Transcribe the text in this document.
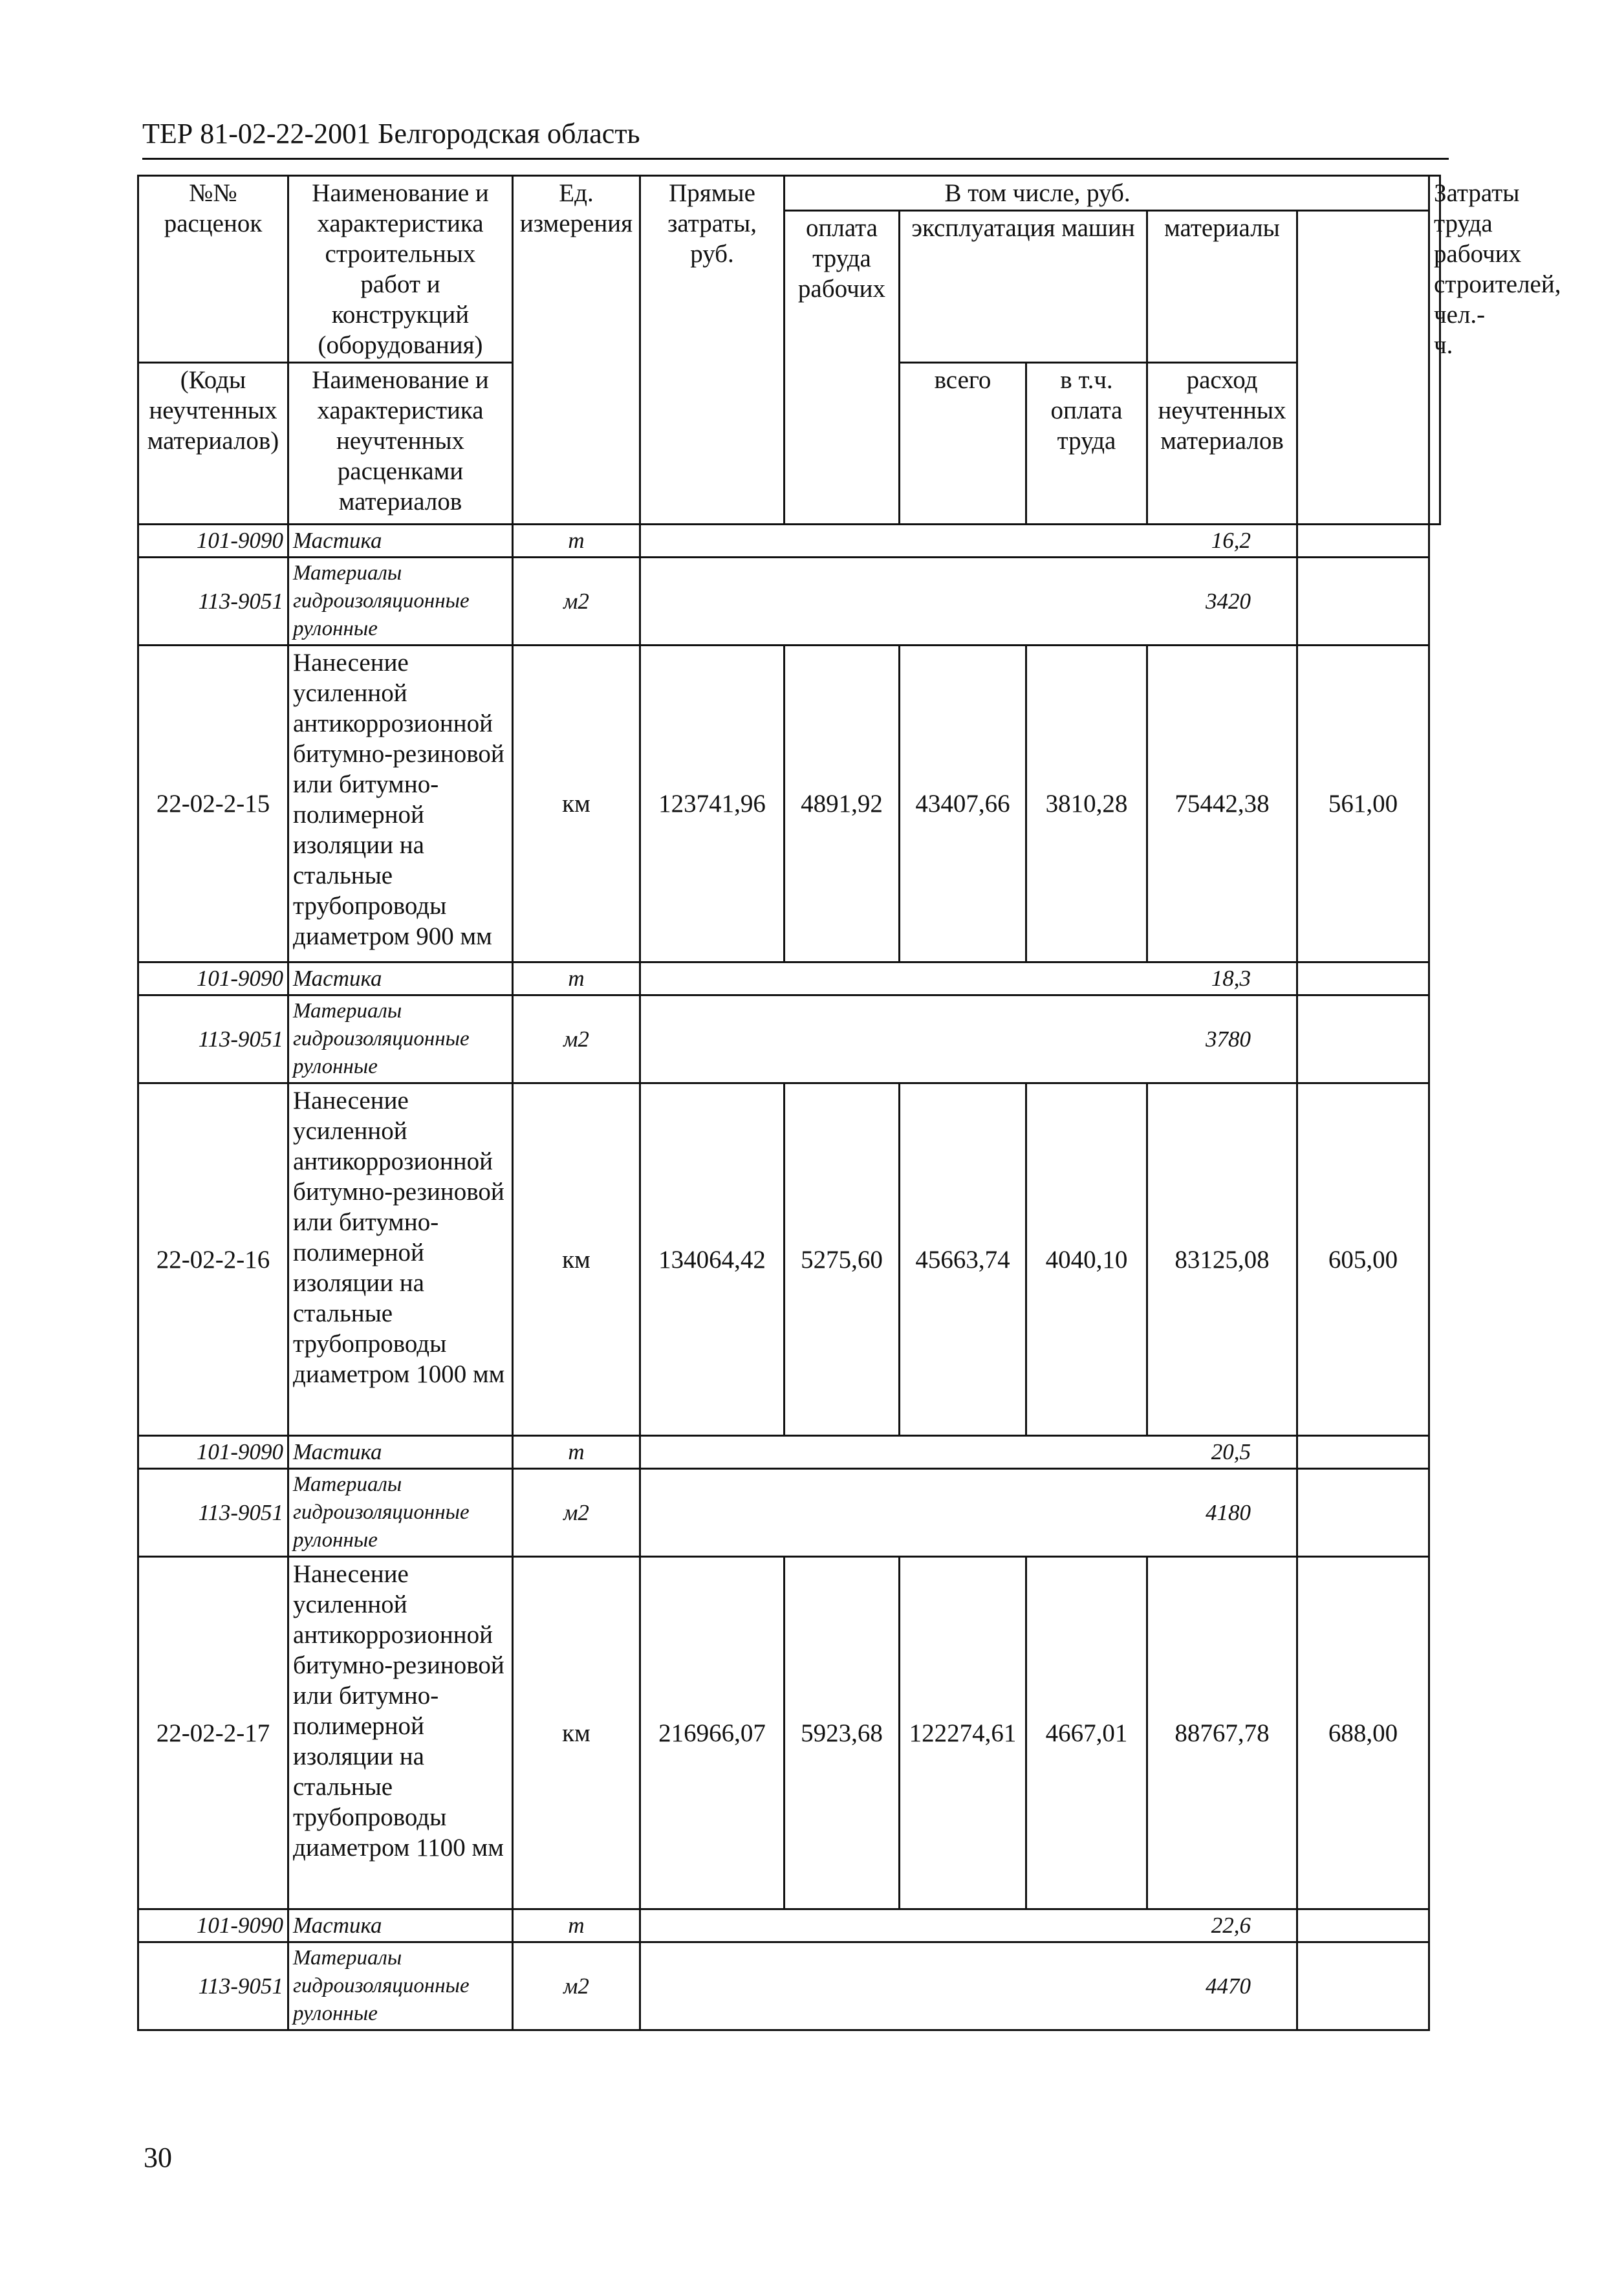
ТЕР 81-02-22-2001 Белгородская область
№№ расценок	Наименование и характеристика строительных работ и конструкций (оборудования)	Ед. измерения	Прямые затраты, руб.	В том числе, руб.					Затраты труда рабочих строителей, чел.-ч.
				оплата труда рабочих	эксплуатация машин		материалы		
(Коды неучтенных материалов)	Наименование и характеристика неучтенных расценками материалов				всего	в т.ч. оплата труда	расход неучтенных материалов		
101-9090	Мастика	т	16,2						
113-9051	Материалы гидроизоляционные рулонные	м2	3420						
22-02-2-15	Нанесение усиленной антикоррозионной битумно-резиновой или битумно-полимерной изоляции на стальные трубопроводы диаметром 900 мм	км	123741,96	4891,92	43407,66	3810,28	75442,38	561,00	
101-9090	Мастика	т	18,3						
113-9051	Материалы гидроизоляционные рулонные	м2	3780						
22-02-2-16	Нанесение усиленной антикоррозионной битумно-резиновой или битумно-полимерной изоляции на стальные трубопроводы диаметром 1000 мм	км	134064,42	5275,60	45663,74	4040,10	83125,08	605,00	
101-9090	Мастика	т	20,5						
113-9051	Материалы гидроизоляционные рулонные	м2	4180						
22-02-2-17	Нанесение усиленной антикоррозионной битумно-резиновой или битумно-полимерной изоляции на стальные трубопроводы диаметром 1100 мм	км	216966,07	5923,68	122274,61	4667,01	88767,78	688,00	
101-9090	Мастика	т	22,6						
113-9051	Материалы гидроизоляционные рулонные	м2	4470						
30
